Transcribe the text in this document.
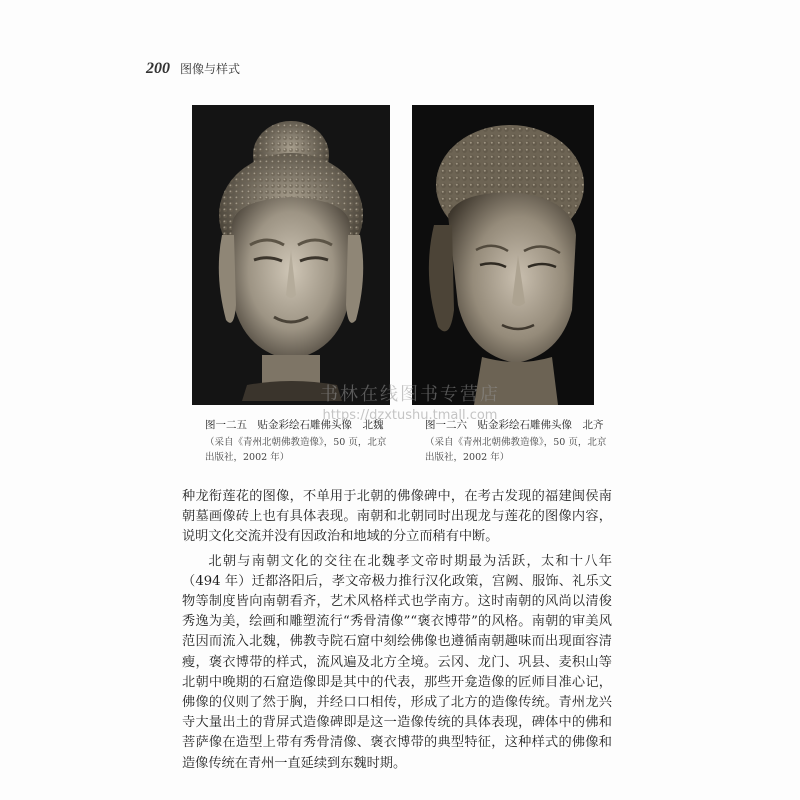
200 图像与样式
图一二五　贴金彩绘石雕佛头像　北魏
（采自《青州北朝佛教造像》，50 页，北京出版社，2002 年）
图一二六　贴金彩绘石雕佛头像　北齐
（采自《青州北朝佛教造像》，50 页，北京出版社，2002 年）
书林在线图书专营店
https://dzxtushu.tmall.com

种龙衔莲花的图像，不单用于北朝的佛像碑中，在考古发现的福建闽侯南朝墓画像砖上也有具体表现。南朝和北朝同时出现龙与莲花的图像内容，说明文化交流并没有因政治和地域的分立而稍有中断。

北朝与南朝文化的交往在北魏孝文帝时期最为活跃，太和十八年（494 年）迁都洛阳后，孝文帝极力推行汉化政策，宫阙、服饰、礼乐文物等制度皆向南朝看齐，艺术风格样式也学南方。这时南朝的风尚以清俊秀逸为美，绘画和雕塑流行“秀骨清像”“褒衣博带”的风格。南朝的审美风范因而流入北魏，佛教寺院石窟中刻绘佛像也遵循南朝趣味而出现面容清瘦，褒衣博带的样式，流风遍及北方全境。云冈、龙门、巩县、麦积山等北朝中晚期的石窟造像即是其中的代表，那些开龛造像的匠师目准心记，佛像的仪则了然于胸，并经口口相传，形成了北方的造像传统。青州龙兴寺大量出土的背屏式造像碑即是这一造像传统的具体表现，碑体中的佛和菩萨像在造型上带有秀骨清像、褒衣博带的典型特征，这种样式的佛像和造像传统在青州一直延续到东魏时期。
